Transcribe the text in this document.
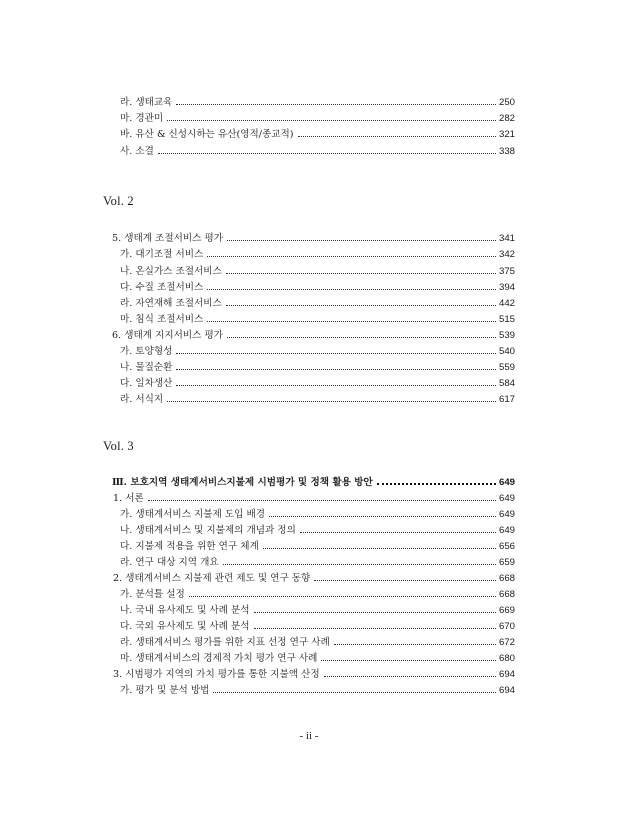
라. 생태교육	250
마. 경관미	282
바. 유산 & 신성시하는 유산(영적/종교적)	321
사. 소결	338
Vol. 2
5. 생태계 조절서비스 평가	341
가. 대기조절 서비스	342
나. 온실가스 조절서비스	375
다. 수질 조절서비스	394
라. 자연재해 조절서비스	442
마. 침식 조절서비스	515
6. 생태계 지지서비스 평가	539
가. 토양형성	540
나. 물질순환	559
다. 일차생산	584
라. 서식지	617
Vol. 3
Ⅲ. 보호지역 생태계서비스지불제 시범평가 및 정책 활용 방안	649
1. 서론	649
가. 생태계서비스 지불제 도입 배경	649
나. 생태계서비스 및 지불제의 개념과 정의	649
다. 지불제 적용을 위한 연구 체계	656
라. 연구 대상 지역 개요	659
2. 생태계서비스 지불제 관련 제도 및 연구 동향	668
가. 분석틀 설정	668
나. 국내 유사제도 및 사례 분석	669
다. 국외 유사제도 및 사례 분석	670
라. 생태계서비스 평가를 위한 지표 선정 연구 사례	672
마. 생태계서비스의 경제적 가치 평가 연구 사례	680
3. 시범평가 지역의 가치 평가를 통한 지불액 산정	694
가. 평가 및 분석 방법	694
- ii -
